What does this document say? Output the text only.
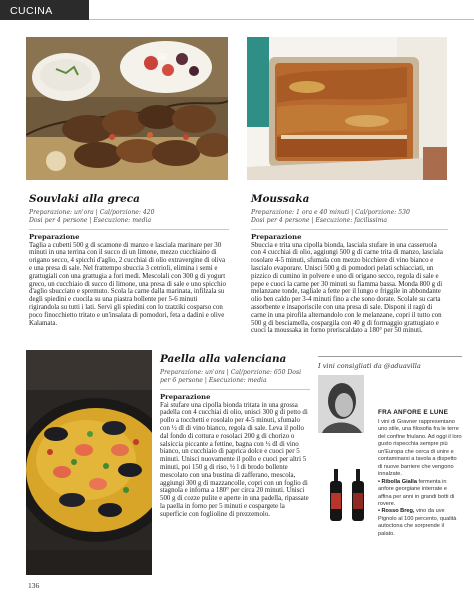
CUCINA
Souvlaki alla greca
Preparazione: un'ora | Cal/porzione: 420
Dosi per 4 persone | Esecuzione: media
Preparazione
Tagliа a cubetti 500 g di scamone di manzo e lasciala marinare per 30 minuti in una terrina con il succo di un limone, mezzo cucchiaino di origano secco, 4 spicchi d'aglio, 2 cucchiai di olio extravergine di oliva e una presa di sale. Nel frattempo sbuccia 3 cetrioli, elimina i semi e grattugiali con una grattugia a fori medi. Mescolali con 300 g di yogurt greco, un cucchiaio di succo di limone, una presa di sale e uno spicchio d'aglio sbucciato e spremuto. Scola la carne dalla marinata, infilzala su degli spiedini e cuocila su una piastra bollente per 5-6 minuti rigirandola su tutti i lati. Servi gli spiedini con lo tzatziki cosparso con poco finocchietto tritato e un'insalata di pomodori, feta a dadini e olive Kalamata.
Moussaka
Preparazione: 1 ora e 40 minuti | Cal/porzione: 530
Dosi per 4 persone | Esecuzione: facilissima
Preparazione
Sbuccia e trita una cipolla bionda, lasciala stufare in una casseruola con 4 cucchiai di olio, aggiungi 500 g di carne trita di manzo, lasciala rosolare 4-5 minuti, sfumala con mezzo bicchiere di vino bianco e lascialo evaporare. Unisci 500 g di pomodori pelati schiacciati, un pizzico di cumino in polvere e uno di origano secco, regola di sale e pepe e cuoci la carne per 30 minuti su fiamma bassa. Monda 800 g di melanzane tonde, tagliale a fette per il lungo e friggile in abbondante olio ben caldo per 3-4 minuti fino a che sono dorate. Scolale su carta assorbente e insaporiscile con una presa di sale. Disponi il ragù di carne in una pirofila alternandolo con le melanzane, copri il tutto con 500 g di besciamella, cospargila con 40 g di formaggio grattugiato e cuoci la moussaka in forno preriscaldato a 180° per 50 minuti.
Paella alla valenciana
Preparazione: un'ora | Cal/porzione: 650 Dosi
per 6 persone | Esecuzione: media
Preparazione
Fai stufare una cipolla bionda tritata in una grossa padella con 4 cucchiai di olio, unisci 300 g di petto di pollo a tocchetti e rosolalo per 4-5 minuti, sfumalo con ½ dl di vino bianco, regola di sale. Leva il pollo dal fondo di cottura e rosolaci 200 g di chorizo o salsiccia piccante a fettine, bagna con ½ dl di vino bianco, un cucchiaio di paprica dolce e cuoci per 5 minuti. Unisci nuovamente il pollo e cuoci per altri 5 minuti, poi 150 g di riso, ½ l di brodo bollente mescolato con una bustina di zafferano, mescola, aggiungi 300 g di mazzancolle, copri con un foglio di stagnola e inforna a 180° per circa 20 minuti. Unisci 500 g di cozze pulite e aperte in una padella, ripassate la paella in forno per 5 minuti e cospargete la superficie con foglioline di prezzemolo.
I vini consigliati da @aduavilla
FRA ANFORE E LUNE
I vini di Gravner rappresentano uno stile, una filosofia fra le terre del confine friulano. Ad oggi il loro gusto rispecchia sempre più un'Europa che cerca di unire e contaminarsi a tavola a dispetto di nuove barriere che vengono innalzate.
• Ribolla Gialla fermenta in anfore georgiane interrate e affina per anni in grandi botti di rovere.
• Rosso Breg, vino da uve Pignolo al 100 percento, qualità autoctona che sorprende il palato.
136
